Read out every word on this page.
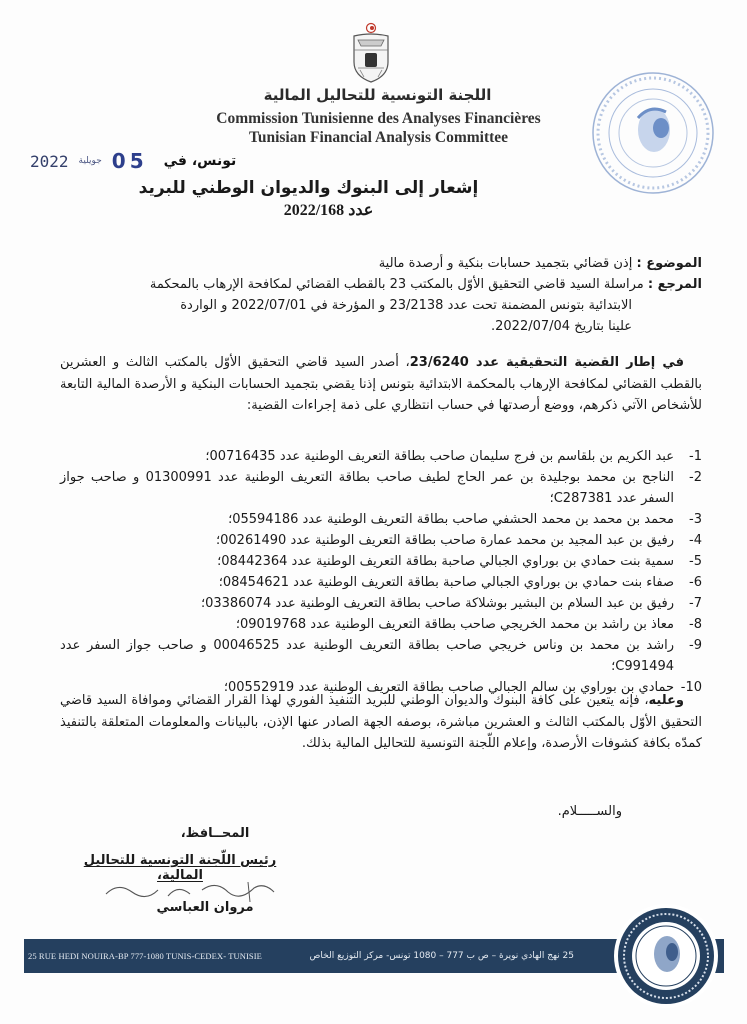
اللجنة التونسية للتحاليل المالية
Commission Tunisienne des Analyses Financières
Tunisian Financial Analysis Committee
2022 جويلية 05 تونس، في
إشعار إلى البنوك والديوان الوطني للبريد
عدد 2022/168
الموضوع : إذن قضائي بتجميد حسابات بنكية و أرصدة مالية
المرجع : مراسلة السيد قاضي التحقيق الأوّل بالمكتب 23 بالقطب القضائي لمكافحة الإرهاب بالمحكمة
الابتدائية بتونس المضمنة تحت عدد 23/2138 و المؤرخة في 2022/07/01 و الواردة
علينا بتاريخ 2022/07/04.
في إطار القضية التحقيقية عدد 23/6240، أصدر السيد قاضي التحقيق الأوّل بالمكتب الثالث و العشرين بالقطب القضائي لمكافحة الإرهاب بالمحكمة الابتدائية بتونس إذنا يقضي بتجميد الحسابات البنكية و الأرصدة المالية التابعة للأشخاص الآتي ذكرهم، ووضع أرصدتها في حساب انتظاري على ذمة إجراءات القضية:
1-
عبد الكريم بن بلقاسم بن فرج سليمان صاحب بطاقة التعريف الوطنية عدد 00716435؛
2-
الناجح بن محمد بوجليدة بن عمر الحاج لطيف صاحب بطاقة التعريف الوطنية عدد 01300991 و صاحب جواز السفر عدد C287381؛
3-
محمد بن محمد بن محمد الحشفي صاحب بطاقة التعريف الوطنية عدد 05594186؛
4-
رفيق بن عبد المجيد بن محمد عمارة صاحب بطاقة التعريف الوطنية عدد 00261490؛
5-
سمية بنت حمادي بن بوراوي الجبالي صاحبة بطاقة التعريف الوطنية عدد 08442364؛
6-
صفاء بنت حمادي بن بوراوي الجبالي صاحبة بطاقة التعريف الوطنية عدد 08454621؛
7-
رفيق بن عبد السلام بن البشير بوشلاكة صاحب بطاقة التعريف الوطنية عدد 03386074؛
8-
معاذ بن راشد بن محمد الخريجي صاحب بطاقة التعريف الوطنية عدد 09019768؛
9-
راشد بن محمد بن وناس خريجي صاحب بطاقة التعريف الوطنية عدد 00046525 و صاحب جواز السفر عدد C991494؛
10-
حمادي بن بوراوي بن سالم الجبالي صاحب بطاقة التعريف الوطنية عدد 00552919؛
وعليه، فإنه يتعين على كافة البنوك والديوان الوطني للبريد التنفيذ الفوري لهذا القرار القضائي وموافاة السيد قاضي التحقيق الأوّل بالمكتب الثالث و العشرين مباشرة، بوصفه الجهة الصادر عنها الإذن، بالبيانات والمعلومات المتعلقة بالتنفيذ كمدّه بكافة كشوفات الأرصدة، وإعلام اللّجنة التونسية للتحاليل المالية بذلك.
والســـــلام.
المحــافظ،
رئيس اللّجنة التونسية للتحاليل المالية،
مروان العباسي
25 RUE HEDI NOUIRA-BP 777-1080 TUNIS-CEDEX- TUNISIE	25 نهج الهادي نويرة – ص ب 777 – 1080 تونس- مركز التوزيع الخاص
